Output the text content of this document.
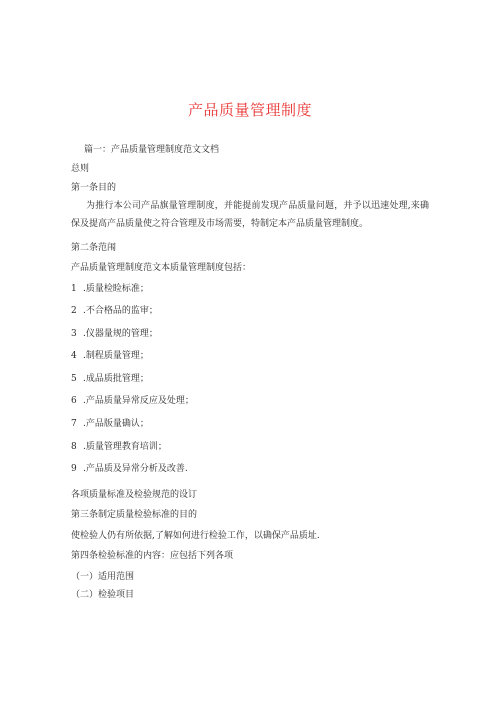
产品质量管理制度
篇一：产品质量管理制度范文文档
总则
第一条目的
为推行本公司产品旗量管理制度，并能提前发现产品质量问题，并予以迅速处理,来确保及提高产品质量使之符合管理及市场需要，特制定本产品质量管理制度。
第二条范闱
产品质量管理制度范文本质量管理制度包括：
1 .质量检睑标准；
2 .不合格品的监审；
3 .仪器量规的管理；
4 .制程质量管理；
5 .成品质批管理；
6 .产品质量异常反应及处理；
7 .产品版量确认；
8 .质量管理教育培训；
9 .产品质及异常分析及改善.
各项质量标准及检验规范的设订
第三条制定质量检验标准的目的
使检验人仍有所依据,了解如何进行检验工作，以确保产品质址.
第四条检验标准的内容：应包括下列各项
（一）适用范围
（二）检验项目
